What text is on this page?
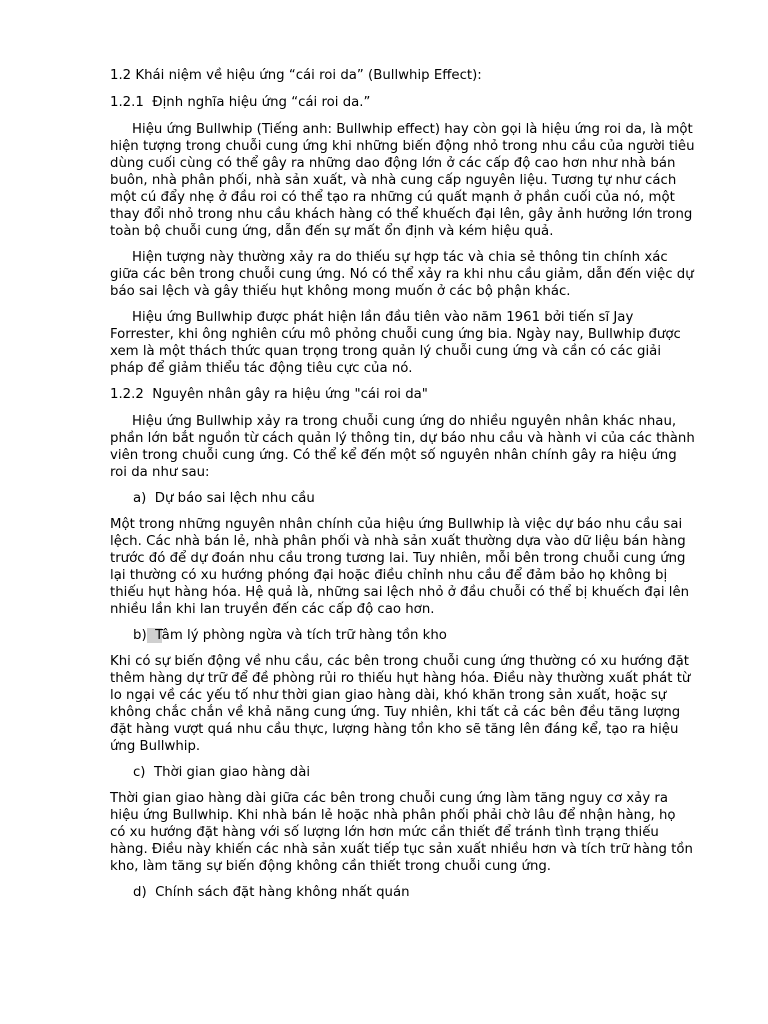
1.2 Khái niệm về hiệu ứng “cái roi da” (Bullwhip Effect):
1.2.1  Định nghĩa hiệu ứng “cái roi da.”
Hiệu ứng Bullwhip (Tiếng anh: Bullwhip effect) hay còn gọi là hiệu ứng roi da, là một hiện tượng trong chuỗi cung ứng khi những biến động nhỏ trong nhu cầu của người tiêu dùng cuối cùng có thể gây ra những dao động lớn ở các cấp độ cao hơn như nhà bán buôn, nhà phân phối, nhà sản xuất, và nhà cung cấp nguyên liệu. Tương tự như cách một cú đẩy nhẹ ở đầu roi có thể tạo ra những cú quất mạnh ở phần cuối của nó, một thay đổi nhỏ trong nhu cầu khách hàng có thể khuếch đại lên, gây ảnh hưởng lớn trong toàn bộ chuỗi cung ứng, dẫn đến sự mất ổn định và kém hiệu quả.
Hiện tượng này thường xảy ra do thiếu sự hợp tác và chia sẻ thông tin chính xác giữa các bên trong chuỗi cung ứng. Nó có thể xảy ra khi nhu cầu giảm, dẫn đến việc dự báo sai lệch và gây thiếu hụt không mong muốn ở các bộ phận khác.
Hiệu ứng Bullwhip được phát hiện lần đầu tiên vào năm 1961 bởi tiến sĩ Jay Forrester, khi ông nghiên cứu mô phỏng chuỗi cung ứng bia. Ngày nay, Bullwhip được xem là một thách thức quan trọng trong quản lý chuỗi cung ứng và cần có các giải pháp để giảm thiểu tác động tiêu cực của nó.
1.2.2  Nguyên nhân gây ra hiệu ứng "cái roi da"
Hiệu ứng Bullwhip xảy ra trong chuỗi cung ứng do nhiều nguyên nhân khác nhau, phần lớn bắt nguồn từ cách quản lý thông tin, dự báo nhu cầu và hành vi của các thành viên trong chuỗi cung ứng. Có thể kể đến một số nguyên nhân chính gây ra hiệu ứng roi da như sau:
a)  Dự báo sai lệch nhu cầu
Một trong những nguyên nhân chính của hiệu ứng Bullwhip là việc dự báo nhu cầu sai lệch. Các nhà bán lẻ, nhà phân phối và nhà sản xuất thường dựa vào dữ liệu bán hàng trước đó để dự đoán nhu cầu trong tương lai. Tuy nhiên, mỗi bên trong chuỗi cung ứng lại thường có xu hướng phóng đại hoặc điều chỉnh nhu cầu để đảm bảo họ không bị thiếu hụt hàng hóa. Hệ quả là, những sai lệch nhỏ ở đầu chuỗi có thể bị khuếch đại lên nhiều lần khi lan truyền đến các cấp độ cao hơn.
b)  Tâm lý phòng ngừa và tích trữ hàng tồn kho
Khi có sự biến động về nhu cầu, các bên trong chuỗi cung ứng thường có xu hướng đặt thêm hàng dự trữ để đề phòng rủi ro thiếu hụt hàng hóa. Điều này thường xuất phát từ lo ngại về các yếu tố như thời gian giao hàng dài, khó khăn trong sản xuất, hoặc sự không chắc chắn về khả năng cung ứng. Tuy nhiên, khi tất cả các bên đều tăng lượng đặt hàng vượt quá nhu cầu thực, lượng hàng tồn kho sẽ tăng lên đáng kể, tạo ra hiệu ứng Bullwhip.
c)  Thời gian giao hàng dài
Thời gian giao hàng dài giữa các bên trong chuỗi cung ứng làm tăng nguy cơ xảy ra hiệu ứng Bullwhip. Khi nhà bán lẻ hoặc nhà phân phối phải chờ lâu để nhận hàng, họ có xu hướng đặt hàng với số lượng lớn hơn mức cần thiết để tránh tình trạng thiếu hàng. Điều này khiến các nhà sản xuất tiếp tục sản xuất nhiều hơn và tích trữ hàng tồn kho, làm tăng sự biến động không cần thiết trong chuỗi cung ứng.
d)  Chính sách đặt hàng không nhất quán
